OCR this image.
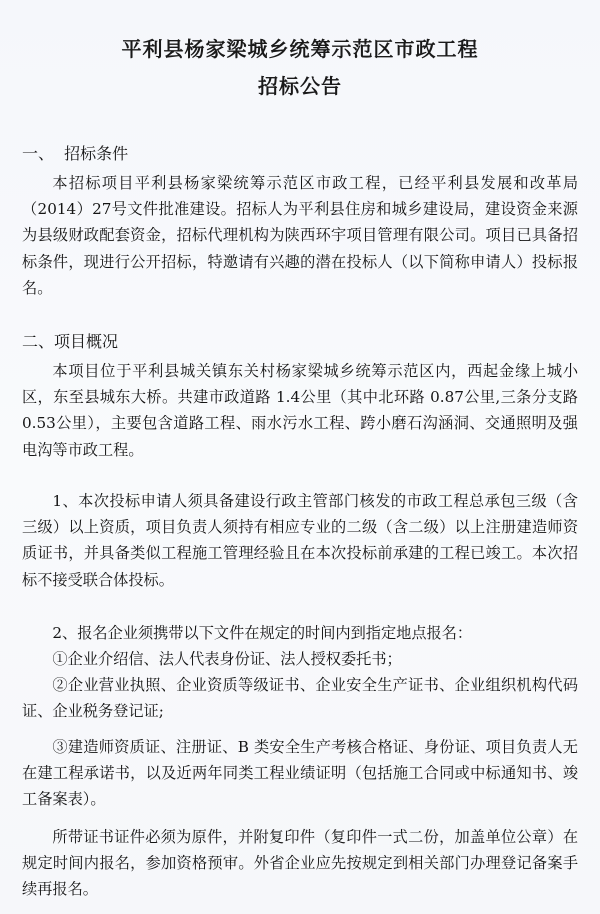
平利县杨家梁城乡统筹示范区市政工程
招标公告
一、  招标条件

本招标项目平利县杨家梁统筹示范区市政工程，已经平利县发展和改革局（2014）27号文件批准建设。招标人为平利县住房和城乡建设局，建设资金来源为县级财政配套资金，招标代理机构为陕西环宇项目管理有限公司。项目已具备招标条件，现进行公开招标，特邀请有兴趣的潜在投标人（以下简称申请人）投标报名。

二、项目概况

本项目位于平利县城关镇东关村杨家梁城乡统筹示范区内，西起金缘上城小区，东至县城东大桥。共建市政道路 1.4公里（其中北环路 0.87公里,三条分支路 0.53公里），主要包含道路工程、雨水污水工程、跨小磨石沟涵洞、交通照明及强电沟等市政工程。

1、本次投标申请人须具备建设行政主管部门核发的市政工程总承包三级（含三级）以上资质，项目负责人须持有相应专业的二级（含二级）以上注册建造师资质证书，并具备类似工程施工管理经验且在本次投标前承建的工程已竣工。本次招标不接受联合体投标。

2、报名企业须携带以下文件在规定的时间内到指定地点报名：

①企业介绍信、法人代表身份证、法人授权委托书；

②企业营业执照、企业资质等级证书、企业安全生产证书、企业组织机构代码证、企业税务登记证;

③建造师资质证、注册证、B 类安全生产考核合格证、身份证、项目负责人无在建工程承诺书，以及近两年同类工程业绩证明（包括施工合同或中标通知书、竣工备案表）。

所带证书证件必须为原件，并附复印件（复印件一式二份，加盖单位公章）在规定时间内报名，参加资格预审。外省企业应先按规定到相关部门办理登记备案手续再报名。
